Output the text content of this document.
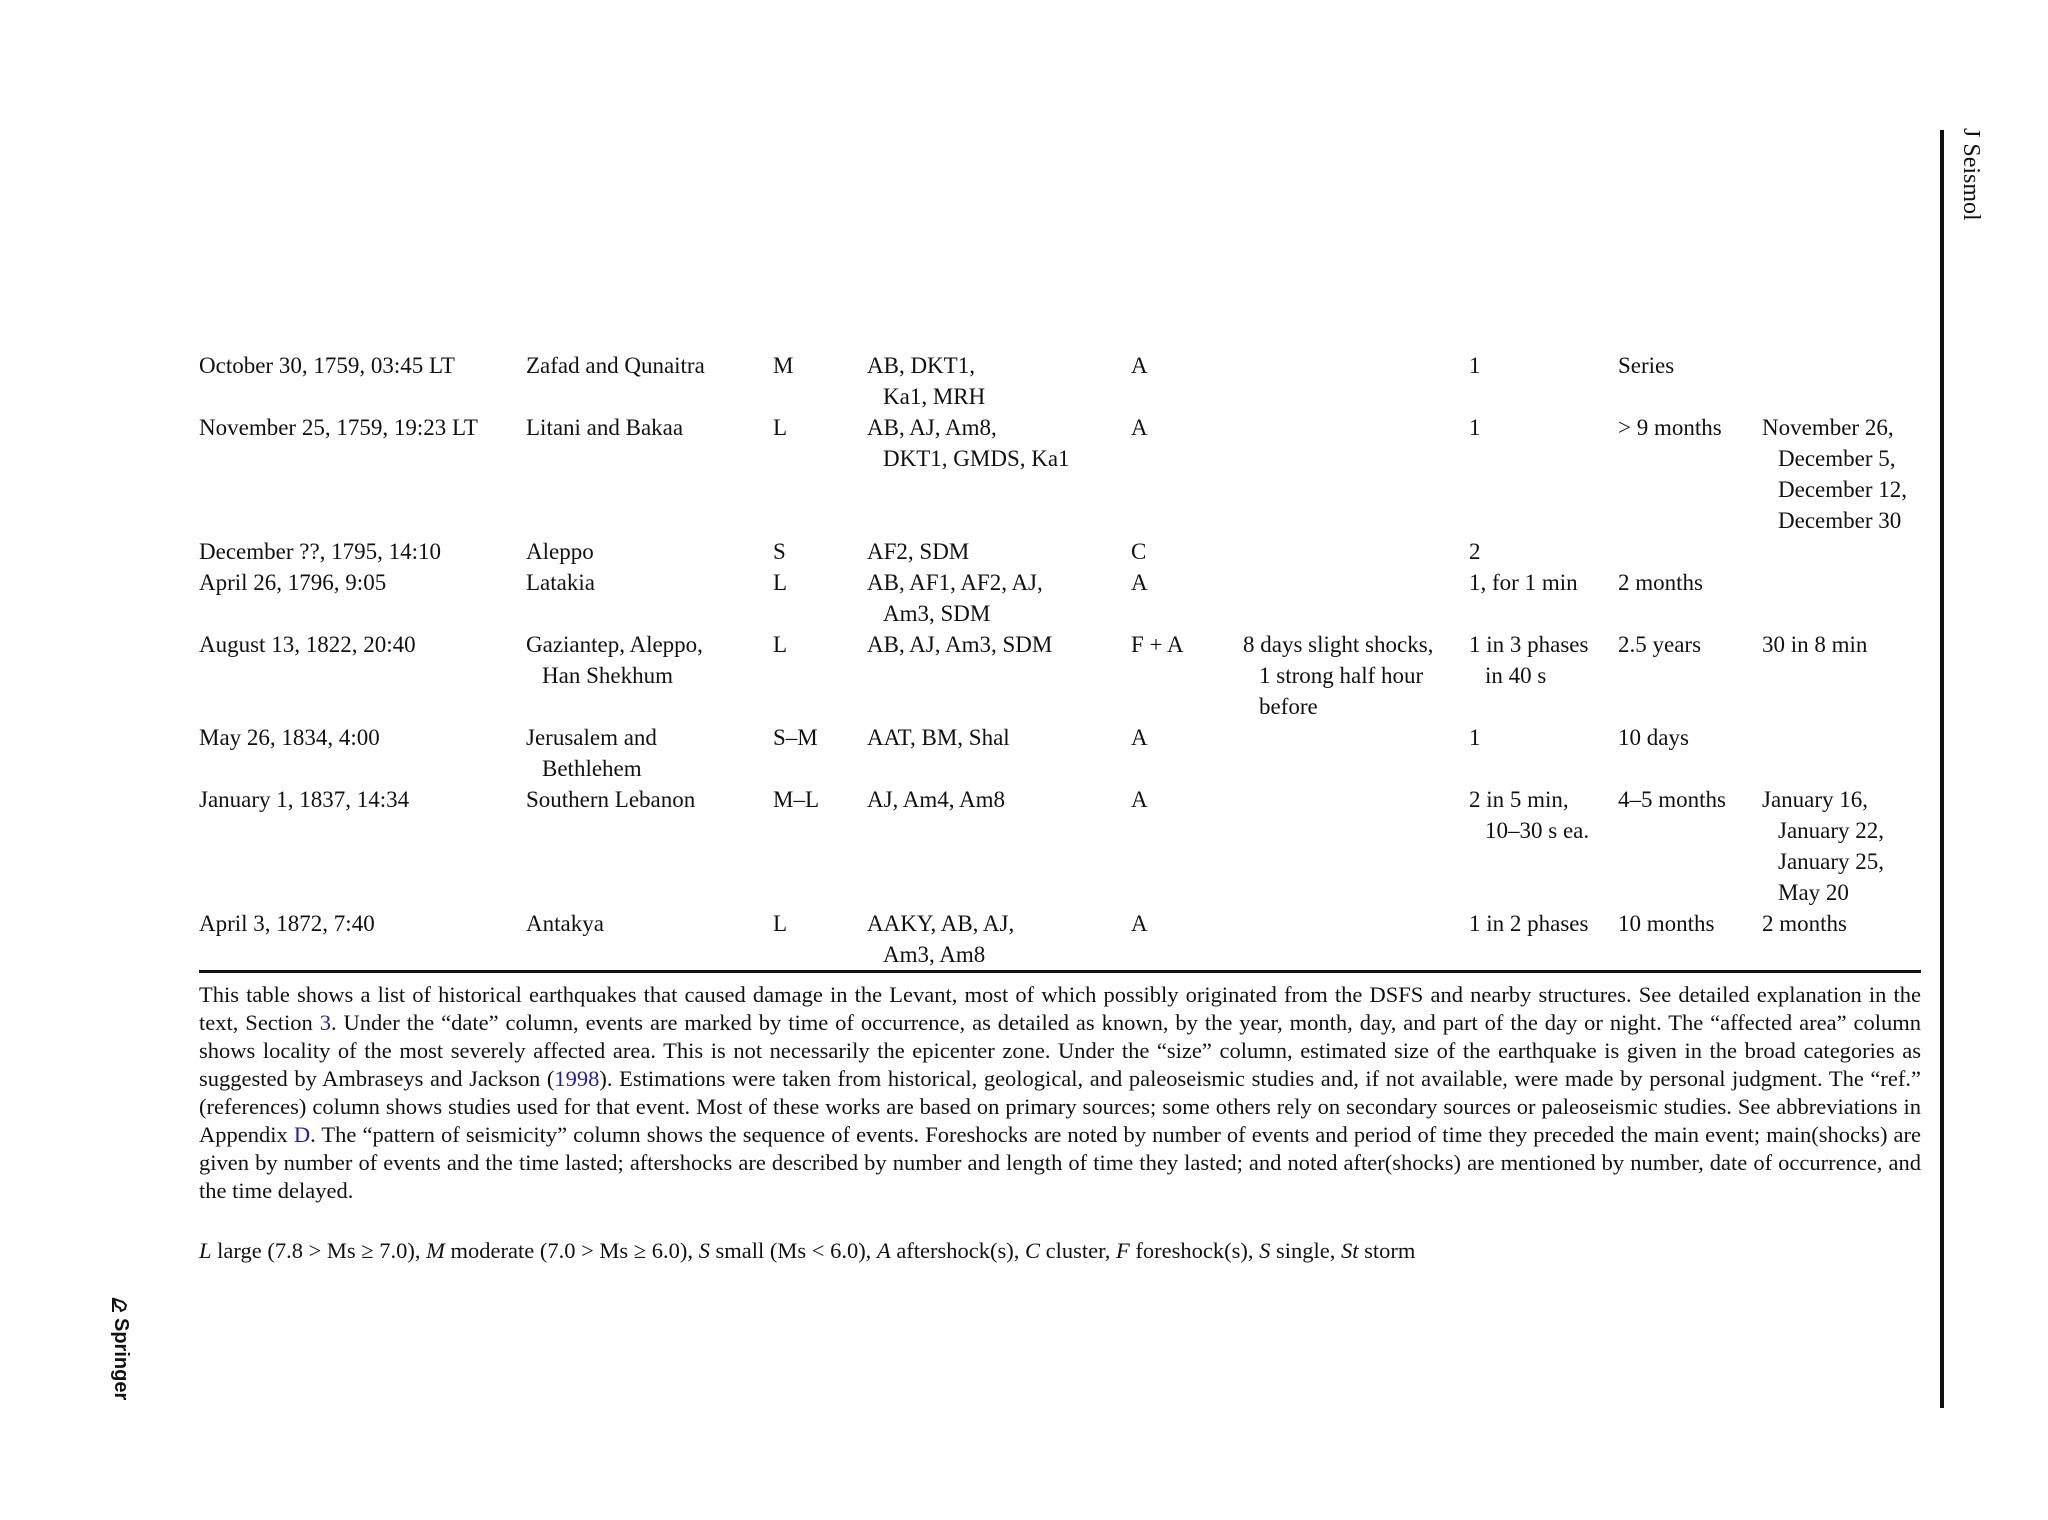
J Seismol
October 30, 1759, 03:45 LT	Zafad and Qunaitra	M	AB, DKT1,
Ka1, MRH	A		1	Series	

November 25, 1759, 19:23 LT	Litani and Bakaa	L	AB, AJ, Am8,
DKT1, GMDS, Ka1	A		1	> 9 months	November 26,
December 5,
December 12,
December 30

December ??, 1795, 14:10	Aleppo	S	AF2, SDM	C		2		

April 26, 1796, 9:05	Latakia	L	AB, AF1, AF2, AJ,
Am3, SDM	A		1, for 1 min	2 months	

August 13, 1822, 20:40	Gaziantep, Aleppo,
Han Shekhum	L	AB, AJ, Am3, SDM	F + A	8 days slight shocks,
1 strong half hour
before	1 in 3 phases
in 40 s	2.5 years	30 in 8 min

May 26, 1834, 4:00	Jerusalem and
Bethlehem	S–M	AAT, BM, Shal	A		1	10 days	

January 1, 1837, 14:34	Southern Lebanon	M–L	AJ, Am4, Am8	A		2 in 5 min,
10–30 s ea.	4–5 months	January 16,
January 22,
January 25,
May 20

April 3, 1872, 7:40	Antakya	L	AAKY, AB, AJ,
Am3, Am8	A		1 in 2 phases	10 months	2 months

This table shows a list of historical earthquakes that caused damage in the Levant, most of which possibly originated from the DSFS and nearby structures. See detailed explanation in the text, Section 3. Under the “date” column, events are marked by time of occurrence, as detailed as known, by the year, month, day, and part of the day or night. The “affected area” column shows locality of the most severely affected area. This is not necessarily the epicenter zone. Under the “size” column, estimated size of the earthquake is given in the broad categories as suggested by Ambraseys and Jackson (1998). Estimations were taken from historical, geological, and paleoseismic studies and, if not available, were made by personal judgment. The “ref.” (references) column shows studies used for that event. Most of these works are based on primary sources; some others rely on secondary sources or paleoseismic studies. See abbreviations in Appendix D. The “pattern of seismicity” column shows the sequence of events. Foreshocks are noted by number of events and period of time they preceded the main event; main(shocks) are given by number of events and the time lasted; aftershocks are described by number and length of time they lasted; and noted after(shocks) are mentioned by number, date of occurrence, and the time delayed.

L large (7.8 > Ms ≥ 7.0), M moderate (7.0 > Ms ≥ 6.0), S small (Ms < 6.0), A aftershock(s), C cluster, F foreshock(s), S single, St storm
Springer
